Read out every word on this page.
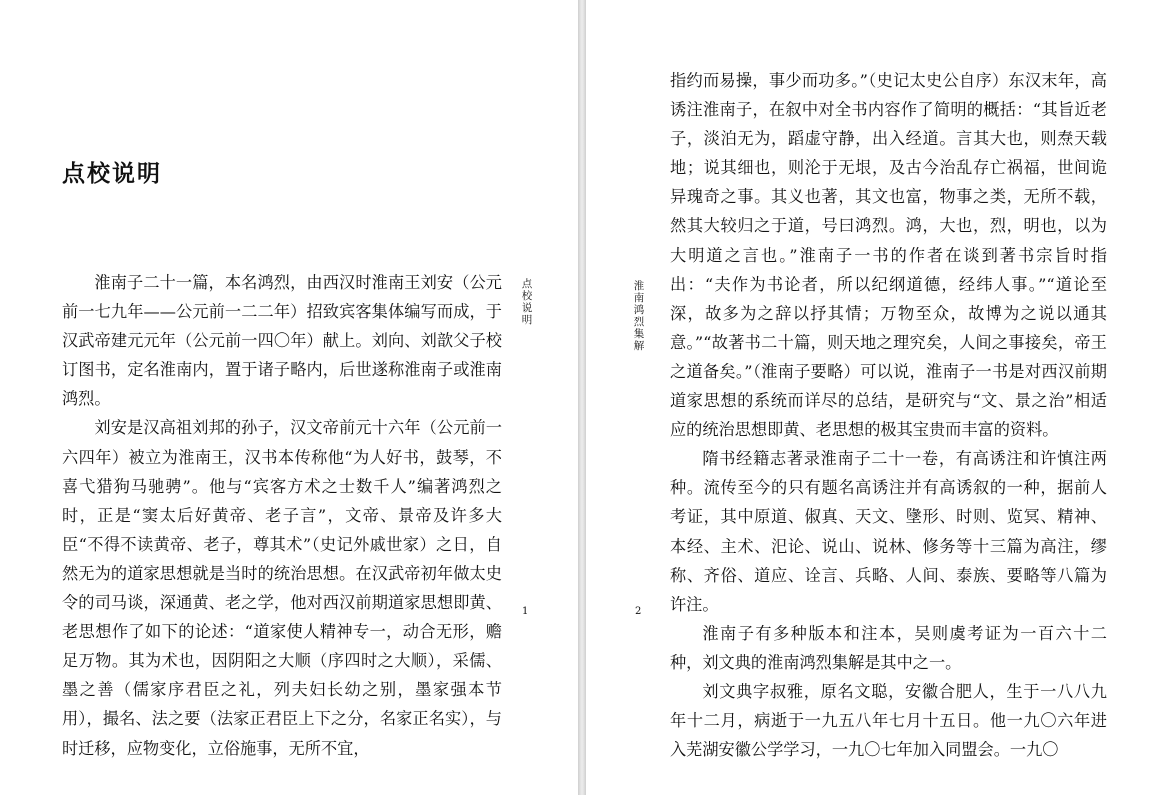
点校说明

淮南子二十一篇，本名鸿烈，由西汉时淮南王刘安（公元前一七九年——公元前一二二年）招致宾客集体编写而成，于汉武帝建元元年（公元前一四〇年）献上。刘向、刘歆父子校订图书，定名淮南内，置于诸子略内，后世遂称淮南子或淮南鸿烈。

刘安是汉高祖刘邦的孙子，汉文帝前元十六年（公元前一六四年）被立为淮南王，汉书本传称他“为人好书，鼓琴，不喜弋猎狗马驰骋”。他与“宾客方术之士数千人”编著鸿烈之时，正是“窦太后好黄帝、老子言”，文帝、景帝及许多大臣“不得不读黄帝、老子，尊其术”（史记外戚世家）之日，自然无为的道家思想就是当时的统治思想。在汉武帝初年做太史令的司马谈，深通黄、老之学，他对西汉前期道家思想即黄、老思想作了如下的论述：“道家使人精神专一，动合无形，赡足万物。其为术也，因阴阳之大顺（序四时之大顺），采儒、墨之善（儒家序君臣之礼，列夫妇长幼之别，墨家强本节用），撮名、法之要（法家正君臣上下之分，名家正名实），与时迁移，应物变化，立俗施事，无所不宜，

点校说明
1
淮南鸿烈集解
2

指约而易操，事少而功多。”（史记太史公自序）东汉末年，高诱注淮南子，在叙中对全书内容作了简明的概括：“其旨近老子，淡泊无为，蹈虚守静，出入经道。言其大也，则焘天载地；说其细也，则沦于无垠，及古今治乱存亡祸福，世间诡异瑰奇之事。其义也著，其文也富，物事之类，无所不载，然其大较归之于道，号曰鸿烈。鸿，大也，烈，明也，以为大明道之言也。”淮南子一书的作者在谈到著书宗旨时指出：“夫作为书论者，所以纪纲道德，经纬人事。”“道论至深，故多为之辞以抒其情；万物至众，故博为之说以通其意。”“故著书二十篇，则天地之理究矣，人间之事接矣，帝王之道备矣。”（淮南子要略）可以说，淮南子一书是对西汉前期道家思想的系统而详尽的总结，是研究与“文、景之治”相适应的统治思想即黄、老思想的极其宝贵而丰富的资料。

隋书经籍志著录淮南子二十一卷，有高诱注和许慎注两种。流传至今的只有题名高诱注并有高诱叙的一种，据前人考证，其中原道、俶真、天文、墬形、时则、览冥、精神、本经、主术、汜论、说山、说林、修务等十三篇为高注，缪称、齐俗、道应、诠言、兵略、人间、泰族、要略等八篇为许注。

淮南子有多种版本和注本，吴则虞考证为一百六十二种，刘文典的淮南鸿烈集解是其中之一。

刘文典字叔雅，原名文聪，安徽合肥人，生于一八八九年十二月，病逝于一九五八年七月十五日。他一九〇六年进入芜湖安徽公学学习，一九〇七年加入同盟会。一九〇
